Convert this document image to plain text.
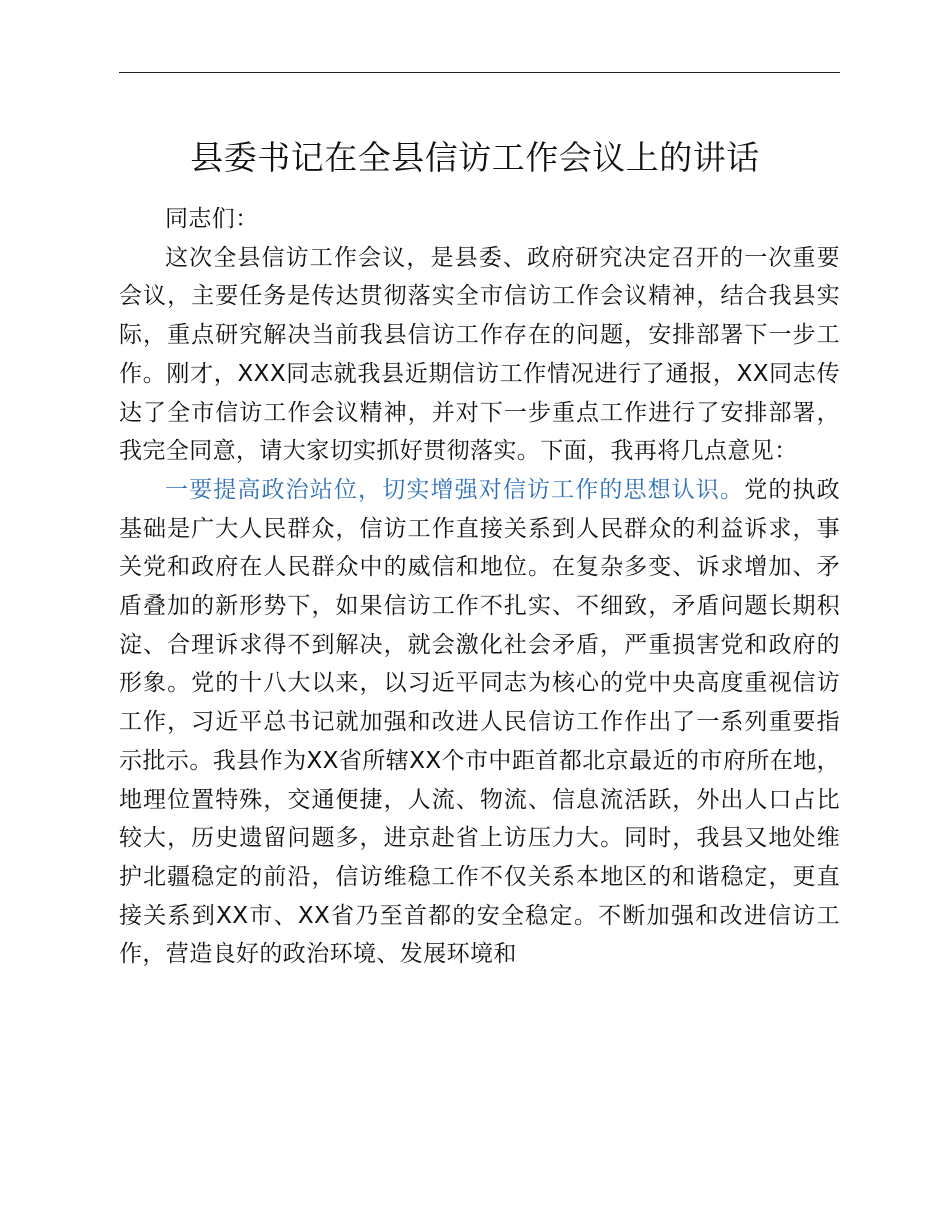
县委书记在全县信访工作会议上的讲话

同志们：

这次全县信访工作会议，是县委、政府研究决定召开的一次重要会议，主要任务是传达贯彻落实全市信访工作会议精神，结合我县实际，重点研究解决当前我县信访工作存在的问题，安排部署下一步工作。刚才，XXX同志就我县近期信访工作情况进行了通报，XX同志传达了全市信访工作会议精神，并对下一步重点工作进行了安排部署，我完全同意，请大家切实抓好贯彻落实。下面，我再将几点意见：

一要提高政治站位，切实增强对信访工作的思想认识。党的执政基础是广大人民群众，信访工作直接关系到人民群众的利益诉求，事关党和政府在人民群众中的威信和地位。在复杂多变、诉求增加、矛盾叠加的新形势下，如果信访工作不扎实、不细致，矛盾问题长期积淀、合理诉求得不到解决，就会激化社会矛盾，严重损害党和政府的形象。党的十八大以来，以习近平同志为核心的党中央高度重视信访工作，习近平总书记就加强和改进人民信访工作作出了一系列重要指示批示。我县作为XX省所辖XX个市中距首都北京最近的市府所在地，地理位置特殊，交通便捷，人流、物流、信息流活跃，外出人口占比较大，历史遗留问题多，进京赴省上访压力大。同时，我县又地处维护北疆稳定的前沿，信访维稳工作不仅关系本地区的和谐稳定，更直接关系到XX市、XX省乃至首都的安全稳定。不断加强和改进信访工作，营造良好的政治环境、发展环境和
